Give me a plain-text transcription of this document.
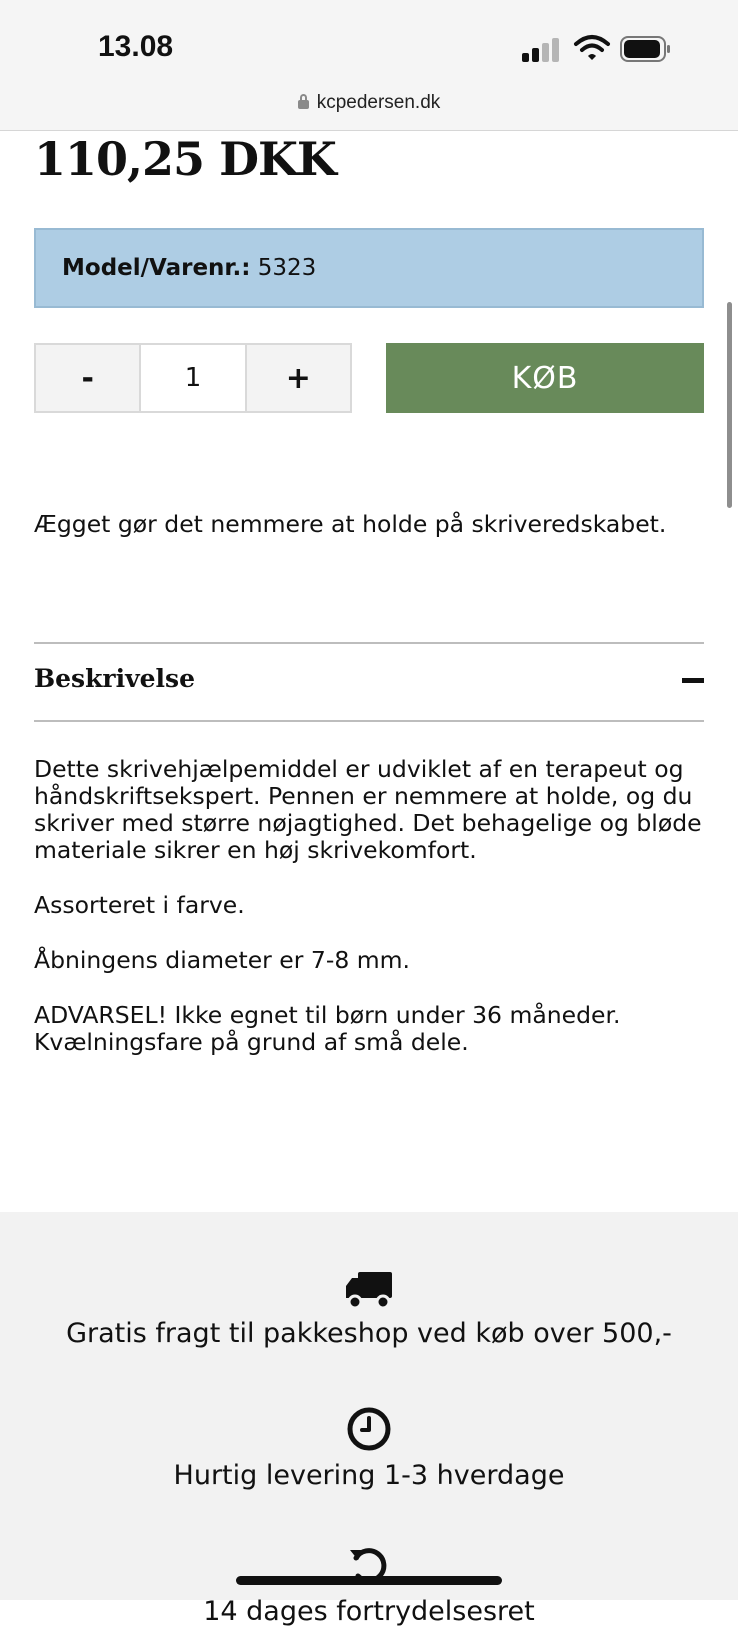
13.08
kcpedersen.dk
110,25 DKK
Model/Varenr.: 5323
-	1	+	KØB
Ægget gør det nemmere at holde på skriveredskabet.
Beskrivelse

Dette skrivehjælpemiddel er udviklet af en terapeut og håndskriftsekspert. Pennen er nemmere at holde, og du skriver med større nøjagtighed. Det behagelige og bløde materiale sikrer en høj skrivekomfort.

Assorteret i farve.

Åbningens diameter er 7-8 mm.

ADVARSEL! Ikke egnet til børn under 36 måneder. Kvælningsfare på grund af små dele.

Gratis fragt til pakkeshop ved køb over 500,-
Hurtig levering 1-3 hverdage
14 dages fortrydelsesret
